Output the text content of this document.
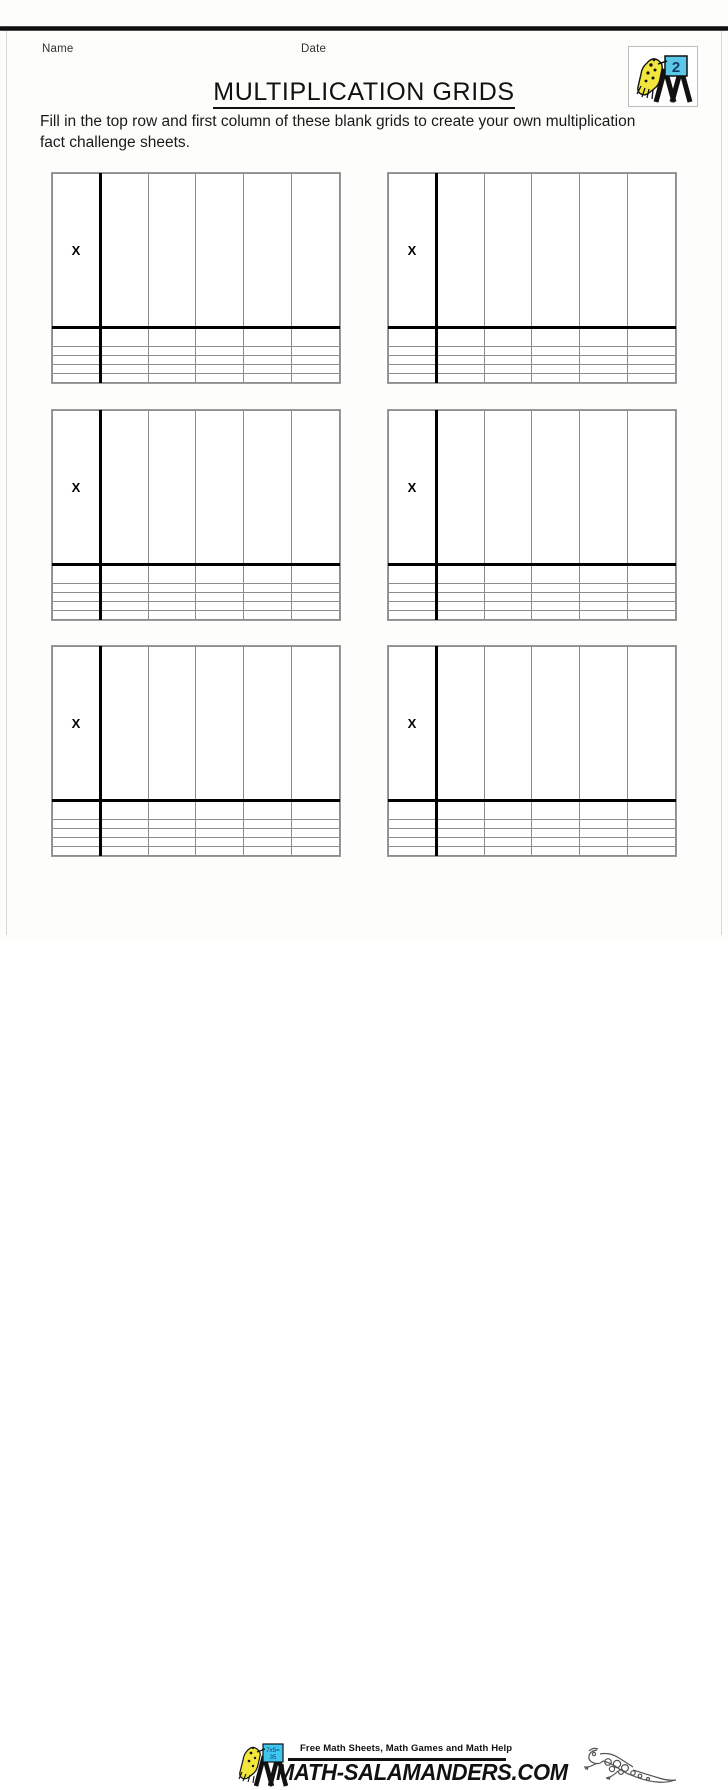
Name	Date
2
MULTIPLICATION GRIDS
Fill in the top row and first column of these blank grids to create your own multiplication fact challenge sheets.
X					

						X					

X					

						X					

X					

						X					

7x5=
35
Free Math Sheets, Math Games and Math Help
MATH-SALAMANDERS.COM
